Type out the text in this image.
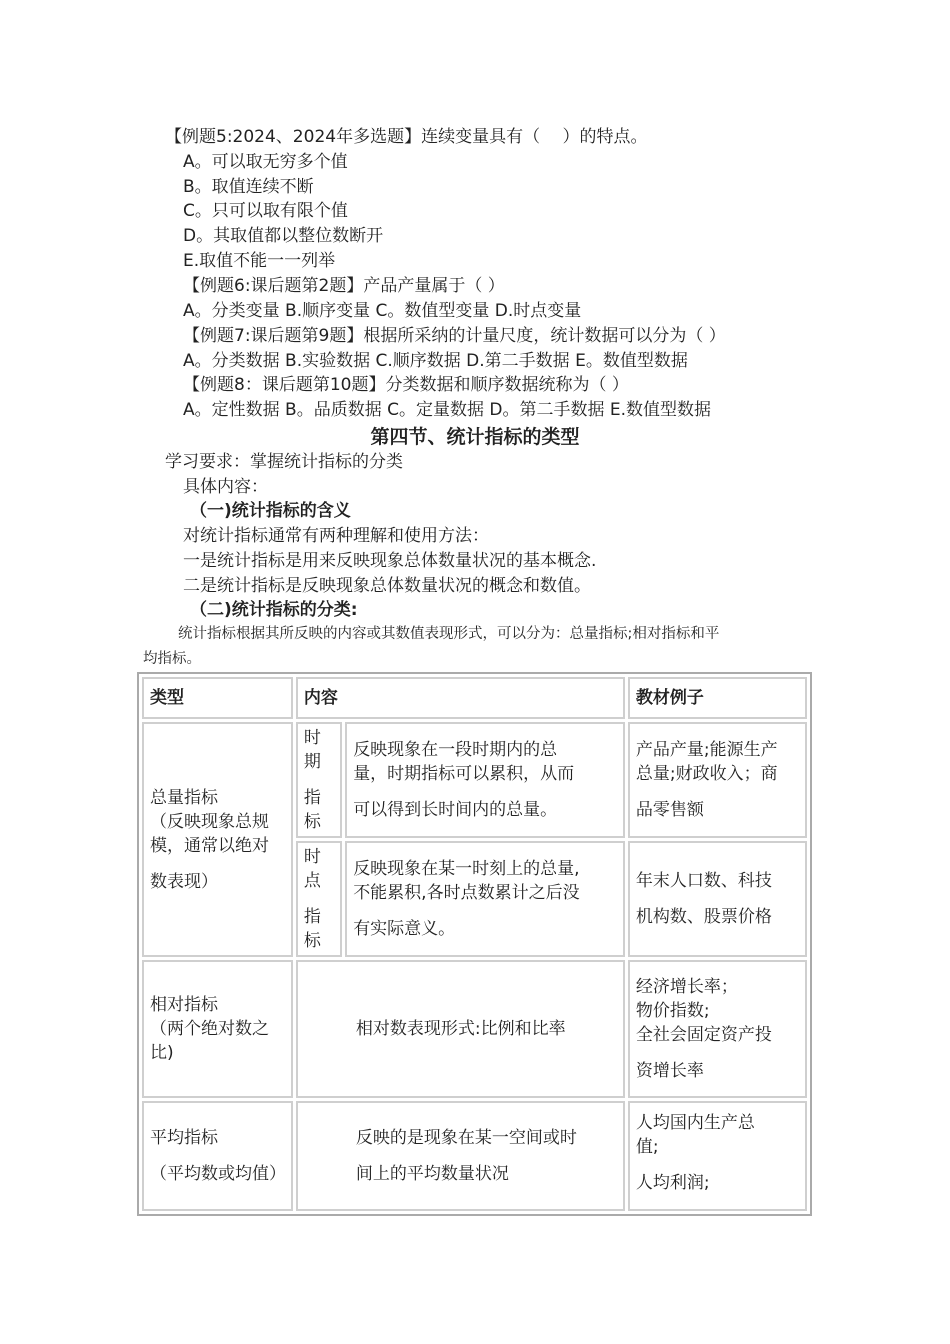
【例题5:2024、2024年多选题】连续变量具有（　 ）的特点。
A。可以取无穷多个值
B。取值连续不断
C。只可以取有限个值
D。其取值都以整位数断开
E.取值不能一一列举
【例题6:课后题第2题】产品产量属于（ ）
A。分类变量 B.顺序变量 C。数值型变量 D.时点变量
【例题7:课后题第9题】根据所采纳的计量尺度，统计数据可以分为（ ）
A。分类数据 B.实验数据 C.顺序数据 D.第二手数据 E。数值型数据
【例题8：课后题第10题】分类数据和顺序数据统称为（ ）
A。定性数据 B。品质数据 C。定量数据 D。第二手数据 E.数值型数据
第四节、统计指标的类型
学习要求：掌握统计指标的分类
具体内容：
（一)统计指标的含义
对统计指标通常有两种理解和使用方法：
一是统计指标是用来反映现象总体数量状况的基本概念.
二是统计指标是反映现象总体数量状况的概念和数值。
（二)统计指标的分类:
统计指标根据其所反映的内容或其数值表现形式，可以分为：总量指标;相对指标和平
均指标。
类型	内容		教材例子

总量指标
（反映现象总规
模，通常以绝对
数表现）	时期
指标	反映现象在一段时期内的总
量，时期指标可以累积，从而
可以得到长时间内的总量。	产品产量;能源生产
总量;财政收入；商
品零售额

	时点
指标	反映现象在某一时刻上的总量,
不能累积,各时点数累计之后没
有实际意义。	年末人口数、科技
机构数、股票价格

相对指标
（两个绝对数之比)	相对数表现形式:比例和比率		经济增长率；
物价指数;
全社会固定资产投
资增长率

平均指标
（平均数或均值）	反映的是现象在某一空间或时
间上的平均数量状况		人均国内生产总
值;
人均利润;
